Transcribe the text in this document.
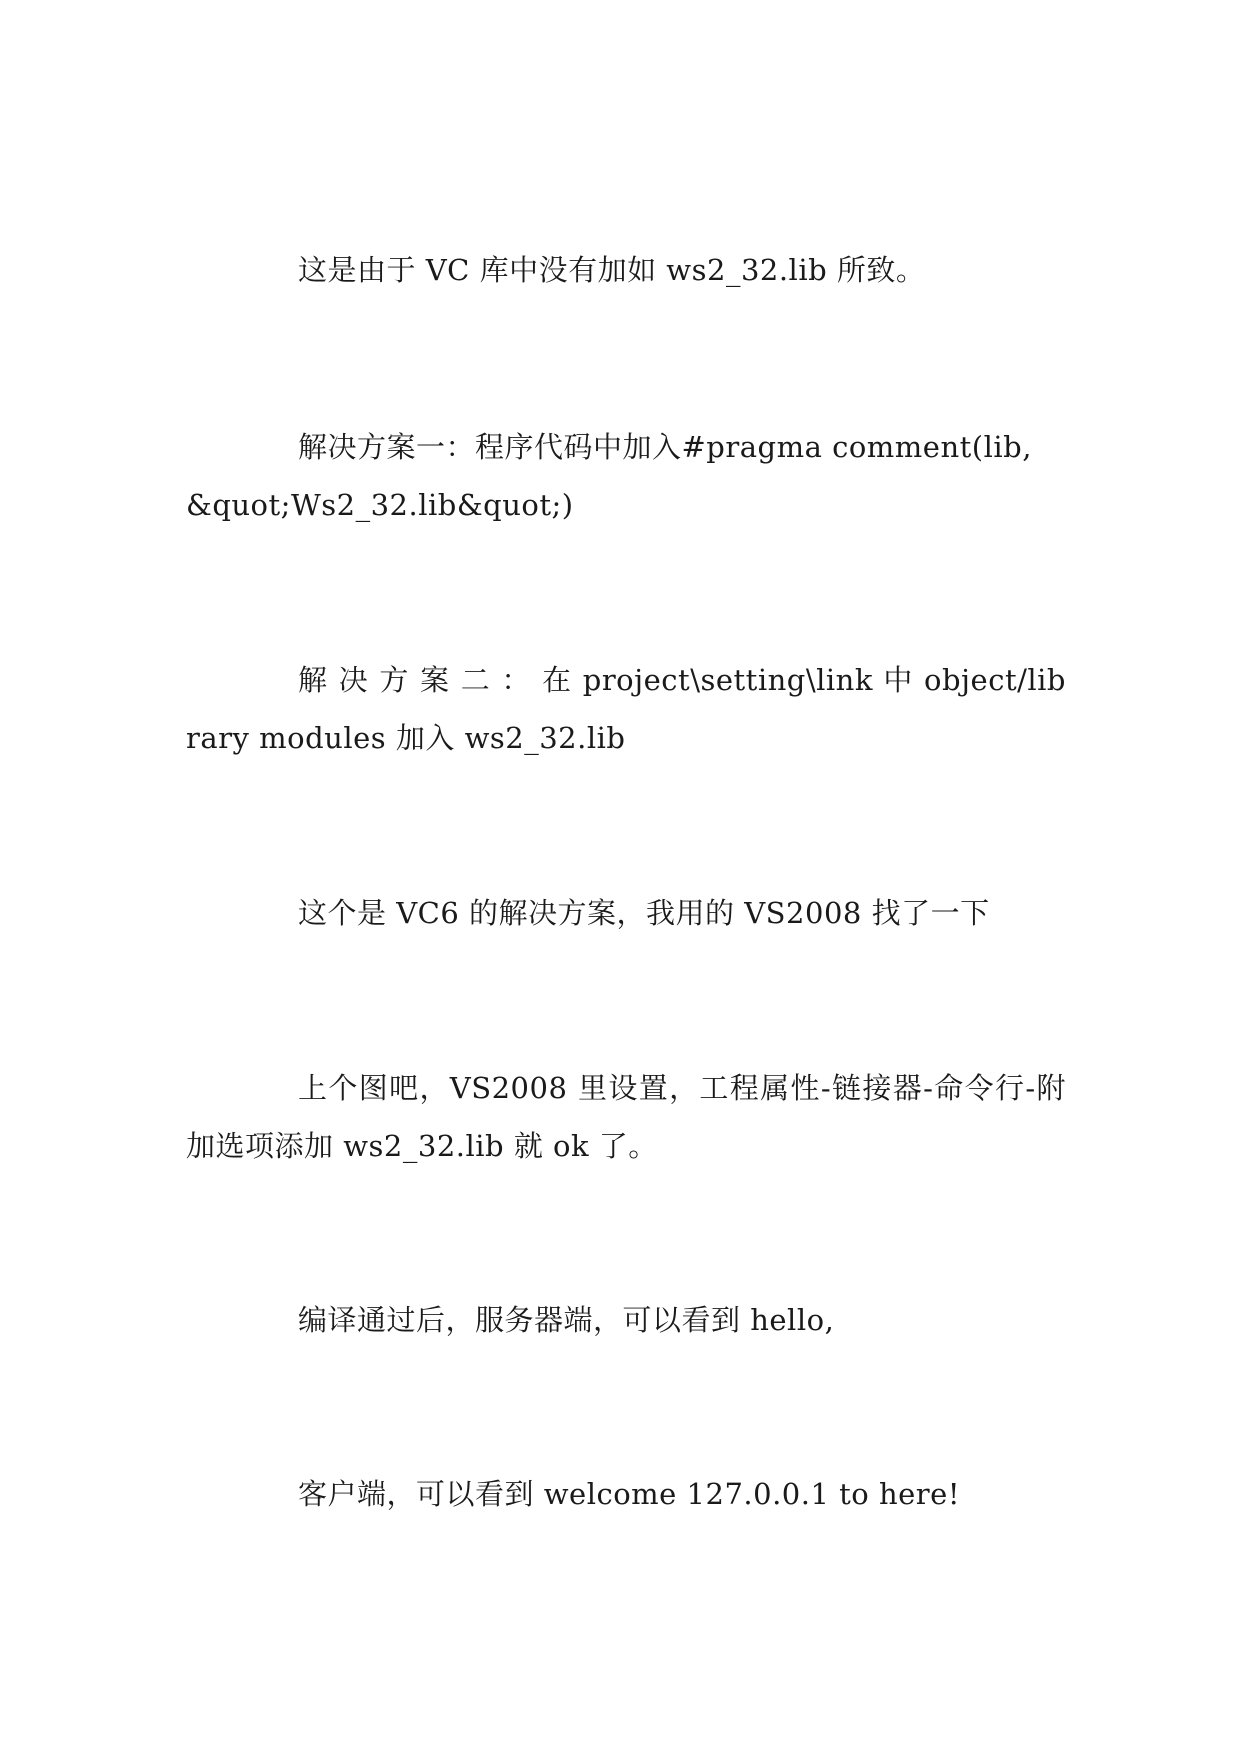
这是由于 VC 库中没有加如 ws2_32.lib 所致。

解决方案一：程序代码中加入#pragma comment(lib, &quot;Ws2_32.lib&quot;)

解 决 方 案 二 ： 在 project\setting\link 中 object/library modules 加入 ws2_32.lib

这个是 VC6 的解决方案，我用的 VS2008 找了一下

上个图吧，VS2008 里设置，工程属性-链接器-命令行-附加选项添加 ws2_32.lib 就 ok 了。

编译通过后，服务器端，可以看到 hello,

客户端，可以看到 welcome 127.0.0.1 to here!
